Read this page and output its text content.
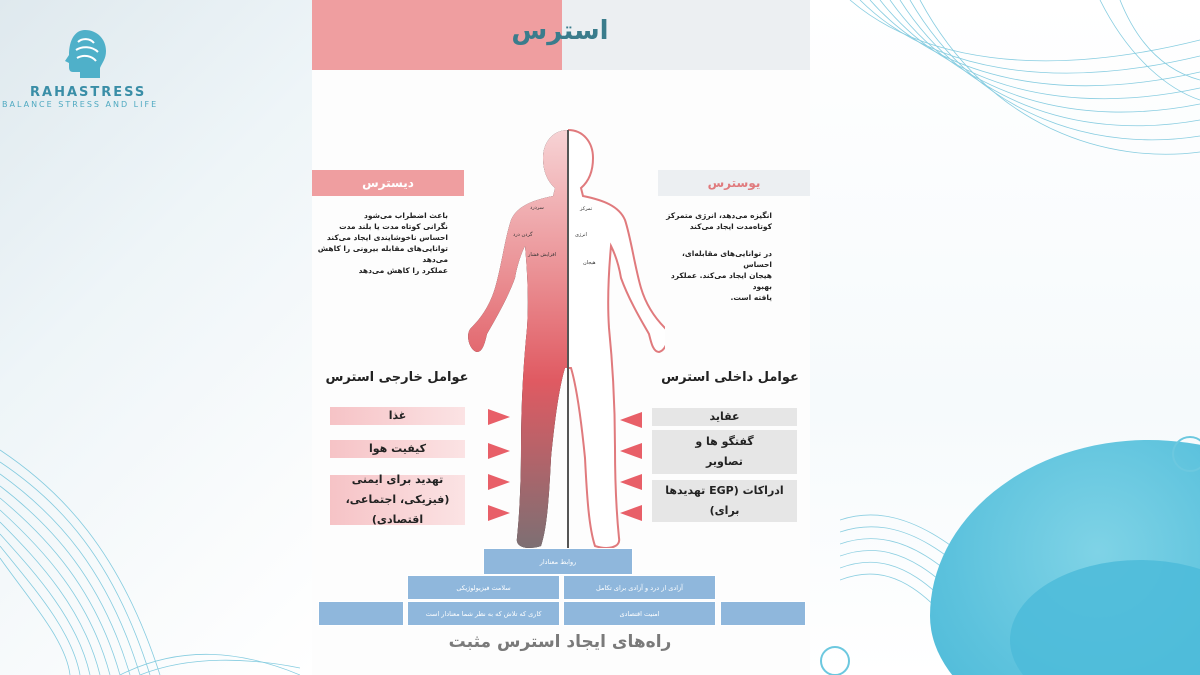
RAHASTRESS
BALANCE STRESS AND LIFE
استرس
دیسترس	یوسترس
باعث اضطراب می‌شود
نگرانی کوتاه مدت یا بلند مدت
احساس ناخوشایندی ایجاد می‌کند
توانایی‌های مقابله بیرونی را کاهش می‌دهد
عملکرد را کاهش می‌دهد
انگیزه می‌دهد، انرژی متمرکز
کوتاه‌مدت ایجاد می‌کند
در توانایی‌های مقابله‌ای، احساس
هیجان ایجاد می‌کند. عملکرد بهبود
یافته است.
سردرد
گردن درد
افزایش فشار
تمرکز
انرژی
هیجان
عوامل خارجی استرس
غذا
کیفیت هوا
تهدید برای ایمنی (فیزیکی، اجتماعی، اقتصادی)
عوامل داخلی استرس
عقاید
گفتگو ها و تصاویر
ادراکات (EGP تهدیدها برای)
روابط معنادار
سلامت فیزیولوژیکی	آزادی از درد و آزادی برای تکامل
کاری که تلاش که به نظر شما معنادار است	امنیت اقتصادی
راه‌های ایجاد استرس مثبت
